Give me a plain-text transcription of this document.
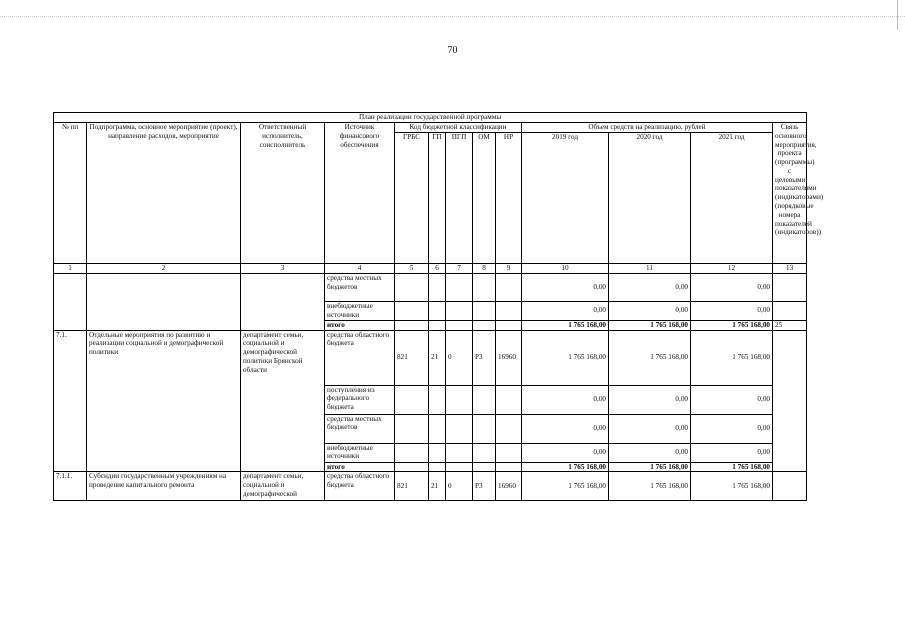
70
План реализации государственной программы												
№ пп	Подпрограмма, основное мероприятие (проект), направление расходов, мероприятие	Ответственный исполнитель, соисполнитель	Источник финансового обеспечения	Код бюджетной классификации					Объем средств на реализацию, рублей			Связь основного мероприятия, проекта (программы) с целевыми показателями (индикаторами) (порядковые номера показателей (индикаторов))
				ГРБС	ГП	ПГП	ОМ	НР	2019 год	2020 год	2021 год	
1	2	3	4	5	6	7	8	9	10	11	12	13
			средства местных бюджетов						0,00	0,00	0,00	
			внебюджетные источники						0,00	0,00	0,00	
			итого						1 765 168,00	1 765 168,00	1 765 168,00	25
7.1.	Отдельные мероприятия по развитию и реализации социальной и демографической политики	департамент семьи, социальной и демографической политики Брянской области	средства областного бюджета	821	21	0	Р3	16960	1 765 168,00	1 765 168,00	1 765 168,00	
			поступления из федерального бюджета						0,00	0,00	0,00	
			средства местных бюджетов						0,00	0,00	0,00	
			внебюджетные источники						0,00	0,00	0,00	
			итого						1 765 168,00	1 765 168,00	1 765 168,00	
7.1.1.	Субсидии государственным учреждениям на проведение капитального ремонта	департамент семьи, социальной и демографической	средства областного бюджета	821	21	0	Р3	16960	1 765 168,00	1 765 168,00	1 765 168,00	
